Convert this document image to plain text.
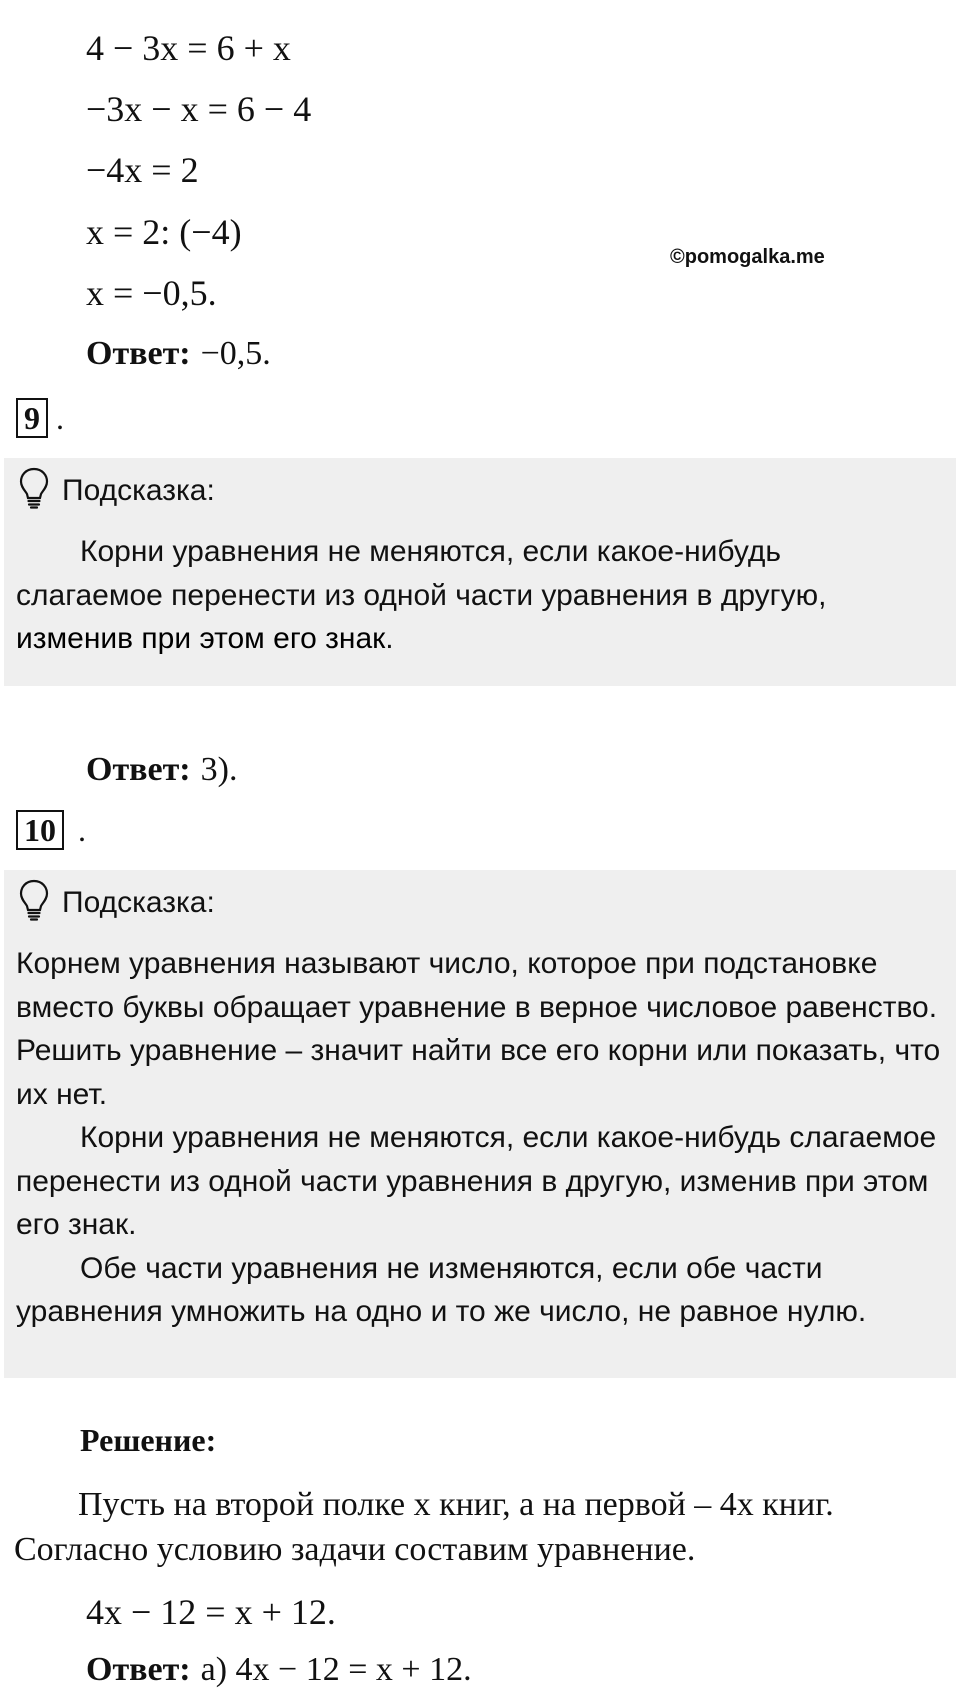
4 − 3x = 6 + x
−3x − x = 6 − 4
−4x = 2
x = 2: (−4)
x = −0,5.
Ответ: −0,5.
©pomogalka.me
9 .
Подсказка:

Корни уравнения не меняются, если какое-нибудь слагаемое перенести из одной части уравнения в другую, изменив при этом его знак.

Ответ: 3).
10 .
Подсказка:

Корнем уравнения называют число, которое при подстановке вместо буквы обращает уравнение в верное числовое равенство.

Решить уравнение – значит найти все его корни или показать, что их нет.

Корни уравнения не меняются, если какое-нибудь слагаемое перенести из одной части уравнения в другую, изменив при этом его знак.

Обе части уравнения не изменяются, если обе части уравнения умножить на одно и то же число, не равное нулю.

Решение:

Пусть на второй полке x книг, а на первой – 4x книг. Согласно условию задачи составим уравнение.

4x − 12 = x + 12.
Ответ: а) 4x − 12 = x + 12.
